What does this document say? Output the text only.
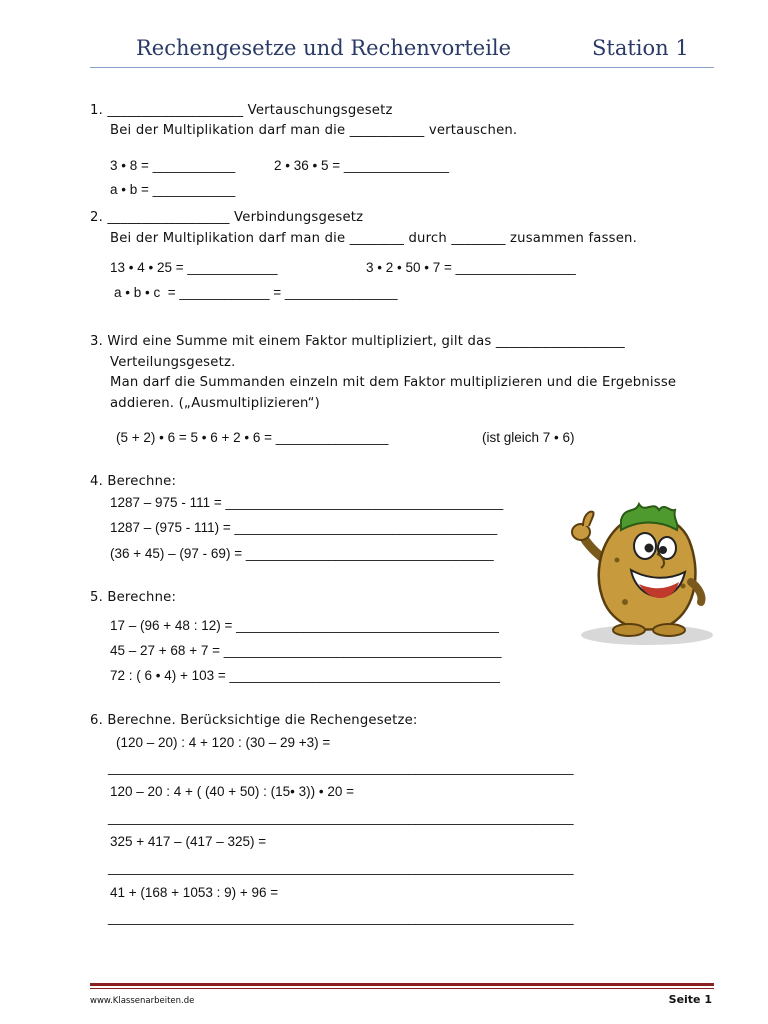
Rechengesetze und Rechenvorteile	Station 1
1. ____________________ Vertauschungsgesetz
Bei der Multiplikation darf man die ___________ vertauschen.
3 • 8 = ___________	2 • 36 • 5 = ______________
a • b = ___________
2. __________________ Verbindungsgesetz
Bei der Multiplikation darf man die ________ durch ________ zusammen fassen.
13 • 4 • 25 = ____________	3 • 2 • 50 • 7 = ________________
a • b • c  = ____________ = _______________
3. Wird eine Summe mit einem Faktor multipliziert, gilt das ___________________
Verteilungsgesetz.
Man darf die Summanden einzeln mit dem Faktor multiplizieren und die Ergebnisse
addieren. („Ausmultiplizieren“)
(5 + 2) • 6 = 5 • 6 + 2 • 6 = _______________	(ist gleich 7 • 6)
4. Berechne:
1287 – 975 - 111 = _____________________________________
1287 – (975 - 111) = ___________________________________
(36 + 45) – (97 - 69) = _________________________________
5. Berechne:
17 – (96 + 48 : 12) = ___________________________________
45 – 27 + 68 + 7 = _____________________________________
72 : ( 6 • 4) + 103 = ____________________________________
6. Berechne. Berücksichtige die Rechengesetze:
(120 – 20) : 4 + 120 : (30 – 29 +3) =
______________________________________________________________
120 – 20 : 4 + ( (40 + 50) : (15• 3)) • 20 =
______________________________________________________________
325 + 417 – (417 – 325) =
______________________________________________________________
41 + (168 + 1053 : 9) + 96 =
______________________________________________________________
www.Klassenarbeiten.de	Seite 1
